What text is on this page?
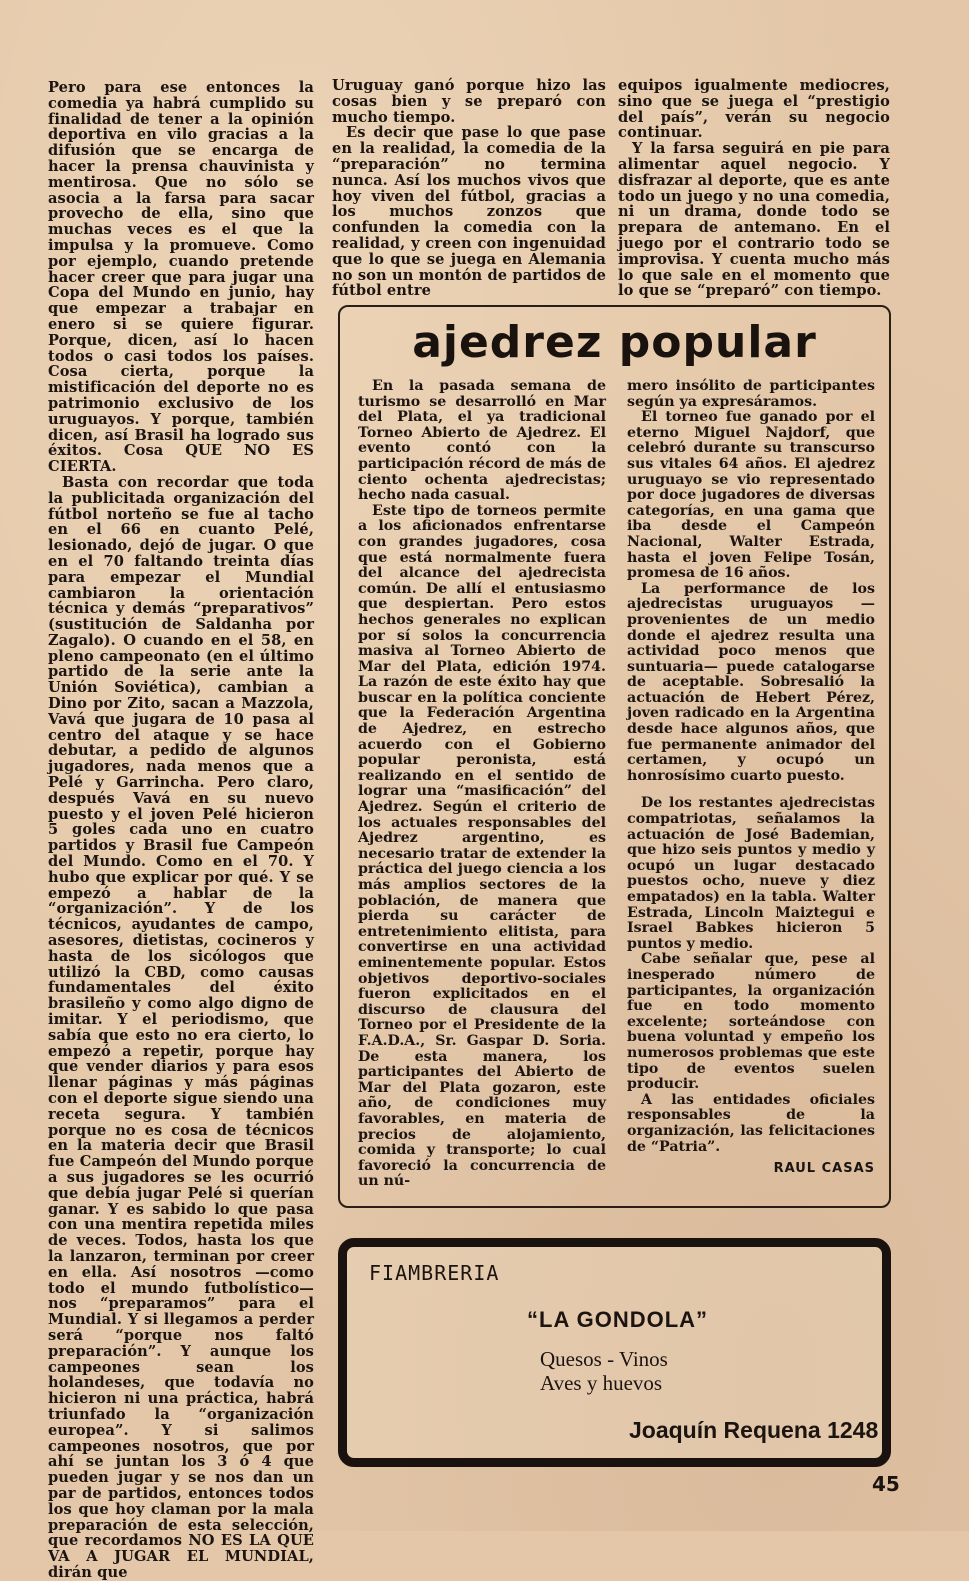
Pero para ese entonces la comedia ya habrá cumplido su finalidad de tener a la opinión deportiva en vilo gracias a la difusión que se encarga de hacer la prensa chauvinista y mentirosa. Que no sólo se asocia a la farsa para sacar provecho de ella, sino que muchas veces es el que la impulsa y la promueve. Como por ejemplo, cuando pretende hacer creer que para jugar una Copa del Mundo en junio, hay que empezar a trabajar en enero si se quiere figurar. Porque, dicen, así lo hacen todos o casi todos los países. Cosa cierta, porque la mistificación del deporte no es patrimonio exclusivo de los uruguayos. Y porque, también dicen, así Brasil ha logrado sus éxitos. Cosa QUE NO ES CIERTA.

Basta con recordar que toda la publicitada organización del fútbol norteño se fue al tacho en el 66 en cuanto Pelé, lesionado, dejó de jugar. O que en el 70 faltando treinta días para empezar el Mundial cambiaron la orientación técnica y demás “preparativos” (sustitución de Saldanha por Zagalo). O cuando en el 58, en pleno campeonato (en el último partido de la serie ante la Unión Soviética), cambian a Dino por Zito, sacan a Mazzola, Vavá que jugara de 10 pasa al centro del ataque y se hace debutar, a pedido de algunos jugadores, nada menos que a Pelé y Garrincha. Pero claro, después Vavá en su nuevo puesto y el joven Pelé hicieron 5 goles cada uno en cuatro partidos y Brasil fue Campeón del Mundo. Como en el 70. Y hubo que explicar por qué. Y se empezó a hablar de la “organización”. Y de los técnicos, ayudantes de campo, asesores, dietistas, cocineros y hasta de los sicólogos que utilizó la CBD, como causas fundamentales del éxito brasileño y como algo digno de imitar. Y el periodismo, que sabía que esto no era cierto, lo empezó a repetir, porque hay que vender diarios y para esos llenar páginas y más páginas con el deporte sigue siendo una receta segura. Y también porque no es cosa de técnicos en la materia decir que Brasil fue Campeón del Mundo porque a sus jugadores se les ocurrió que debía jugar Pelé si querían ganar. Y es sabido lo que pasa con una mentira repetida miles de veces. Todos, hasta los que la lanzaron, terminan por creer en ella. Así nosotros —como todo el mundo futbolístico— nos “preparamos” para el Mundial. Y si llegamos a perder será “porque nos faltó preparación”. Y aunque los campeones sean los holandeses, que todavía no hicieron ni una práctica, habrá triunfado la “organización europea”. Y si salimos campeones nosotros, que por ahí se juntan los 3 ó 4 que pueden jugar y se nos dan un par de partidos, entonces todos los que hoy claman por la mala preparación de esta selección, que recordamos NO ES LA QUE VA A JUGAR EL MUNDIAL, dirán que

Uruguay ganó porque hizo las cosas bien y se preparó con mucho tiempo.

Es decir que pase lo que pase en la realidad, la comedia de la “preparación” no termina nunca. Así los muchos vivos que hoy viven del fútbol, gracias a los muchos zonzos que confunden la comedia con la realidad, y creen con ingenuidad que lo que se juega en Alemania no son un montón de partidos de fútbol entre

equipos igualmente mediocres, sino que se juega el “prestigio del país”, verán su negocio continuar.

Y la farsa seguirá en pie para alimentar aquel negocio. Y disfrazar al deporte, que es ante todo un juego y no una comedia, ni un drama, donde todo se prepara de antemano. En el juego por el contrario todo se improvisa. Y cuenta mucho más lo que sale en el momento que lo que se “preparó” con tiempo.

ajedrez popular

En la pasada semana de turismo se desarrolló en Mar del Plata, el ya tradicional Torneo Abierto de Ajedrez. El evento contó con la participación récord de más de ciento ochenta ajedrecistas; hecho nada casual.

Este tipo de torneos permite a los aficionados enfrentarse con grandes jugadores, cosa que está normalmente fuera del alcance del ajedrecista común. De allí el entusiasmo que despiertan. Pero estos hechos generales no explican por sí solos la concurrencia masiva al Torneo Abierto de Mar del Plata, edición 1974. La razón de este éxito hay que buscar en la política conciente que la Federación Argentina de Ajedrez, en estrecho acuerdo con el Gobierno popular peronista, está realizando en el sentido de lograr una “masificación” del Ajedrez. Según el criterio de los actuales responsables del Ajedrez argentino, es necesario tratar de extender la práctica del juego ciencia a los más amplios sectores de la población, de manera que pierda su carácter de entretenimiento elitista, para convertirse en una actividad eminentemente popular. Estos objetivos deportivo-sociales fueron explicitados en el discurso de clausura del Torneo por el Presidente de la F.A.D.A., Sr. Gaspar D. Soria. De esta manera, los participantes del Abierto de Mar del Plata gozaron, este año, de condiciones muy favorables, en materia de precios de alojamiento, comida y transporte; lo cual favoreció la concurrencia de un nú-

mero insólito de participantes según ya expresáramos.

El torneo fue ganado por el eterno Miguel Najdorf, que celebró durante su transcurso sus vitales 64 años. El ajedrez uruguayo se vio representado por doce jugadores de diversas categorías, en una gama que iba desde el Campeón Nacional, Walter Estrada, hasta el joven Felipe Tosán, promesa de 16 años.

La performance de los ajedrecistas uruguayos — provenientes de un medio donde el ajedrez resulta una actividad poco menos que suntuaria— puede catalogarse de aceptable. Sobresalió la actuación de Hebert Pérez, joven radicado en la Argentina desde hace algunos años, que fue permanente animador del certamen, y ocupó un honrosísimo cuarto puesto.

De los restantes ajedrecistas compatriotas, señalamos la actuación de José Bademian, que hizo seis puntos y medio y ocupó un lugar destacado puestos ocho, nueve y diez empatados) en la tabla. Walter Estrada, Lincoln Maiztegui e Israel Babkes hicieron 5 puntos y medio.

Cabe señalar que, pese al inesperado número de participantes, la organización fue en todo momento excelente; sorteándose con buena voluntad y empeño los numerosos problemas que este tipo de eventos suelen producir.

A las entidades oficiales responsables de la organización, las felicitaciones de “Patria”.

RAUL CASAS
FIAMBRERIA
“LA GONDOLA”
Quesos - Vinos
Aves y huevos
Joaquín Requena 1248
45
